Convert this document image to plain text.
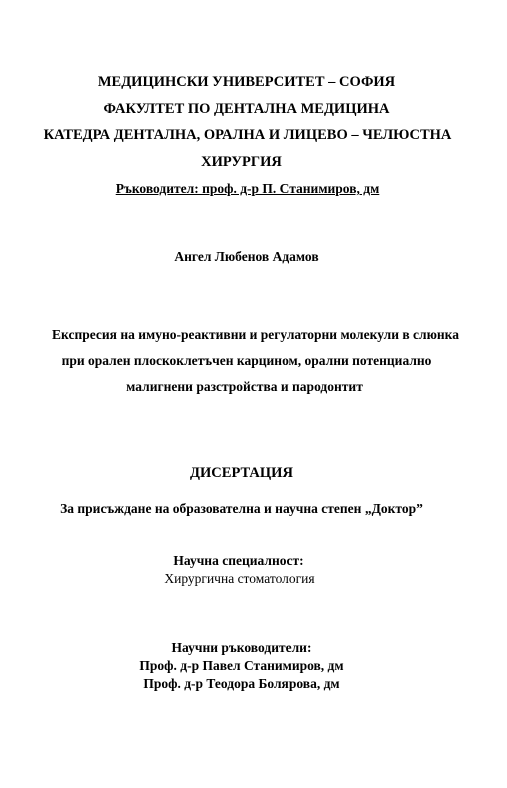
МЕДИЦИНСКИ УНИВЕРСИТЕТ – СОФИЯ
ФАКУЛТЕТ ПО ДЕНТАЛНА МЕДИЦИНА
КАТЕДРА ДЕНТАЛНА, ОРАЛНА И ЛИЦЕВО – ЧЕЛЮСТНА
ХИРУРГИЯ
Ръководител: проф. д-р П. Станимиров, дм
Ангел Любенов Адамов
Експресия на имуно-реактивни и регулаторни молекули в слюнка
при орален плоскоклетъчен карцином, орални потенциално
малигнени разстройства и пародонтит
ДИСЕРТАЦИЯ
За присъждане на образователна и научна степен „Доктор”
Научна специалност:
Хирургична стоматология
Научни ръководители:
Проф. д-р Павел Станимиров, дм
Проф. д-р Теодора Болярова, дм
